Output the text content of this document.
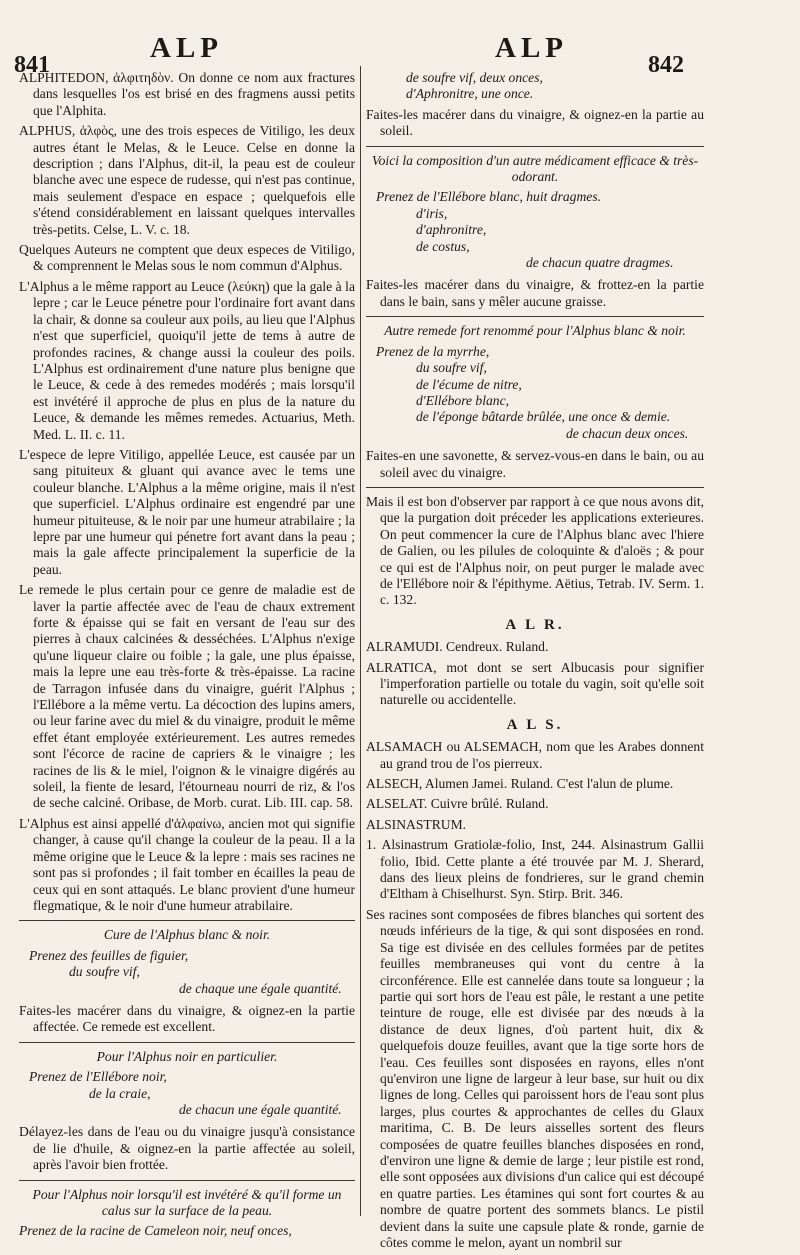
841
ALP	ALP
842

ALPHITEDON, ἀλφιτηδὸν. On donne ce nom aux fractures dans lesquelles l'os est brisé en des fragmens aussi petits que l'Alphita.

ALPHUS, ἀλφὸς, une des trois especes de Vitiligo, les deux autres étant le Melas, & le Leuce. Celse en donne la description ; dans l'Alphus, dit-il, la peau est de couleur blanche avec une espece de rudesse, qui n'est pas continue, mais seulement d'espace en espace ; quelquefois elle s'étend considérablement en laissant quelques intervalles très-petits. Celse, L. V. c. 18.

Quelques Auteurs ne comptent que deux especes de Vitiligo, & comprennent le Melas sous le nom commun d'Alphus.

L'Alphus a le même rapport au Leuce (λεύκη) que la gale à la lepre ; car le Leuce pénetre pour l'ordinaire fort avant dans la chair, & donne sa couleur aux poils, au lieu que l'Alphus n'est que superficiel, quoiqu'il jette de tems à autre de profondes racines, & change aussi la couleur des poils. L'Alphus est ordinairement d'une nature plus benigne que le Leuce, & cede à des remedes modérés ; mais lorsqu'il est invétéré il approche de plus en plus de la nature du Leuce, & demande les mêmes remedes. Actuarius, Meth. Med. L. II. c. 11.

L'espece de lepre Vitiligo, appellée Leuce, est causée par un sang pituiteux & gluant qui avance avec le tems une couleur blanche. L'Alphus a la même origine, mais il n'est que superficiel. L'Alphus ordinaire est engendré par une humeur pituiteuse, & le noir par une humeur atrabilaire ; la lepre par une humeur qui pénetre fort avant dans la peau ; mais la gale affecte principalement la superficie de la peau.

Le remede le plus certain pour ce genre de maladie est de laver la partie affectée avec de l'eau de chaux extrement forte & épaisse qui se fait en versant de l'eau sur des pierres à chaux calcinées & desséchées. L'Alphus n'exige qu'une liqueur claire ou foible ; la gale, une plus épaisse, mais la lepre une eau très-forte & très-épaisse. La racine de Tarragon infusée dans du vinaigre, guérit l'Alphus ; l'Ellébore a la même vertu. La décoction des lupins amers, ou leur farine avec du miel & du vinaigre, produit le même effet étant employée extérieurement. Les autres remedes sont l'écorce de racine de capriers & le vinaigre ; les racines de lis & le miel, l'oignon & le vinaigre digérés au soleil, la fiente de lesard, l'étourneau nourri de riz, & l'os de seche calciné. Oribase, de Morb. curat. Lib. III. cap. 58.

L'Alphus est ainsi appellé d'ἀλφαίνω, ancien mot qui signifie changer, à cause qu'il change la couleur de la peau. Il a la même origine que le Leuce & la lepre : mais ses racines ne sont pas si profondes ; il fait tomber en écailles la peau de ceux qui en sont attaqués. Le blanc provient d'une humeur flegmatique, & le noir d'une humeur atrabilaire.

Cure de l'Alphus blanc & noir.

Prenez des feuilles de figuier,
du soufre vif,
de chaque une égale quantité.

Faites-les macérer dans du vinaigre, & oignez-en la partie affectée. Ce remede est excellent.

Pour l'Alphus noir en particulier.

Prenez de l'Ellébore noir,
de la craie,
de chacun une égale quantité.

Délayez-les dans de l'eau ou du vinaigre jusqu'à consistance de lie d'huile, & oignez-en la partie affectée au soleil, après l'avoir bien frottée.

Pour l'Alphus noir lorsqu'il est invétéré & qu'il forme un calus sur la surface de la peau.

Prenez de la racine de Cameleon noir, neuf onces,

de soufre vif, deux onces,

d'Aphronitre, une once.

Faites-les macérer dans du vinaigre, & oignez-en la partie au soleil.

Voici la composition d'un autre médicament efficace & très-odorant.

Prenez de l'Ellébore blanc, huit dragmes.
d'iris,
d'aphronitre,
de costus,
de chacun quatre dragmes.

Faites-les macérer dans du vinaigre, & frottez-en la partie dans le bain, sans y mêler aucune graisse.

Autre remede fort renommé pour l'Alphus blanc & noir.

Prenez de la myrrhe,
du soufre vif,
de l'écume de nitre,
d'Ellébore blanc,
de l'éponge bâtarde brûlée, une once & demie.
de chacun deux onces.

Faites-en une savonette, & servez-vous-en dans le bain, ou au soleil avec du vinaigre.

Mais il est bon d'observer par rapport à ce que nous avons dit, que la purgation doit préceder les applications exterieures. On peut commencer la cure de l'Alphus blanc avec l'hiere de Galien, ou les pilules de coloquinte & d'aloës ; & pour ce qui est de l'Alphus noir, on peut purger le malade avec de l'Ellébore noir & l'épithyme. Aëtius, Tetrab. IV. Serm. 1. c. 132.

A L R.

ALRAMUDI. Cendreux. Ruland.

ALRATICA, mot dont se sert Albucasis pour signifier l'imperforation partielle ou totale du vagin, soit qu'elle soit naturelle ou accidentelle.

A L S.

ALSAMACH ou ALSEMACH, nom que les Arabes donnent au grand trou de l'os pierreux.

ALSECH, Alumen Jamei. Ruland. C'est l'alun de plume.

ALSELAT. Cuivre brûlé. Ruland.

ALSINASTRUM.

1. Alsinastrum Gratiolæ-folio, Inst, 244. Alsinastrum Gallii folio, Ibid. Cette plante a été trouvée par M. J. Sherard, dans des lieux pleins de fondrieres, sur le grand chemin d'Eltham à Chiselhurst. Syn. Stirp. Brit. 346.

Ses racines sont composées de fibres blanches qui sortent des nœuds inférieurs de la tige, & qui sont disposées en rond. Sa tige est divisée en des cellules formées par de petites feuilles membraneuses qui vont du centre à la circonférence. Elle est cannelée dans toute sa longueur ; la partie qui sort hors de l'eau est pâle, le restant a une petite teinture de rouge, elle est divisée par des nœuds à la distance de deux lignes, d'où partent huit, dix & quelquefois douze feuilles, avant que la tige sorte hors de l'eau. Ces feuilles sont disposées en rayons, elles n'ont qu'environ une ligne de largeur à leur base, sur huit ou dix lignes de long. Celles qui paroissent hors de l'eau sont plus larges, plus courtes & approchantes de celles du Glaux maritima, C. B. De leurs aisselles sortent des fleurs composées de quatre feuilles blanches disposées en rond, d'environ une ligne & demie de large ; leur pistile est rond, elle sont opposées aux divisions d'un calice qui est découpé en quatre parties. Les étamines qui sont fort courtes & au nombre de quatre portent des sommets blancs. Le pistil devient dans la suite une capsule plate & ronde, garnie de côtes comme le melon, ayant un nombril sur
